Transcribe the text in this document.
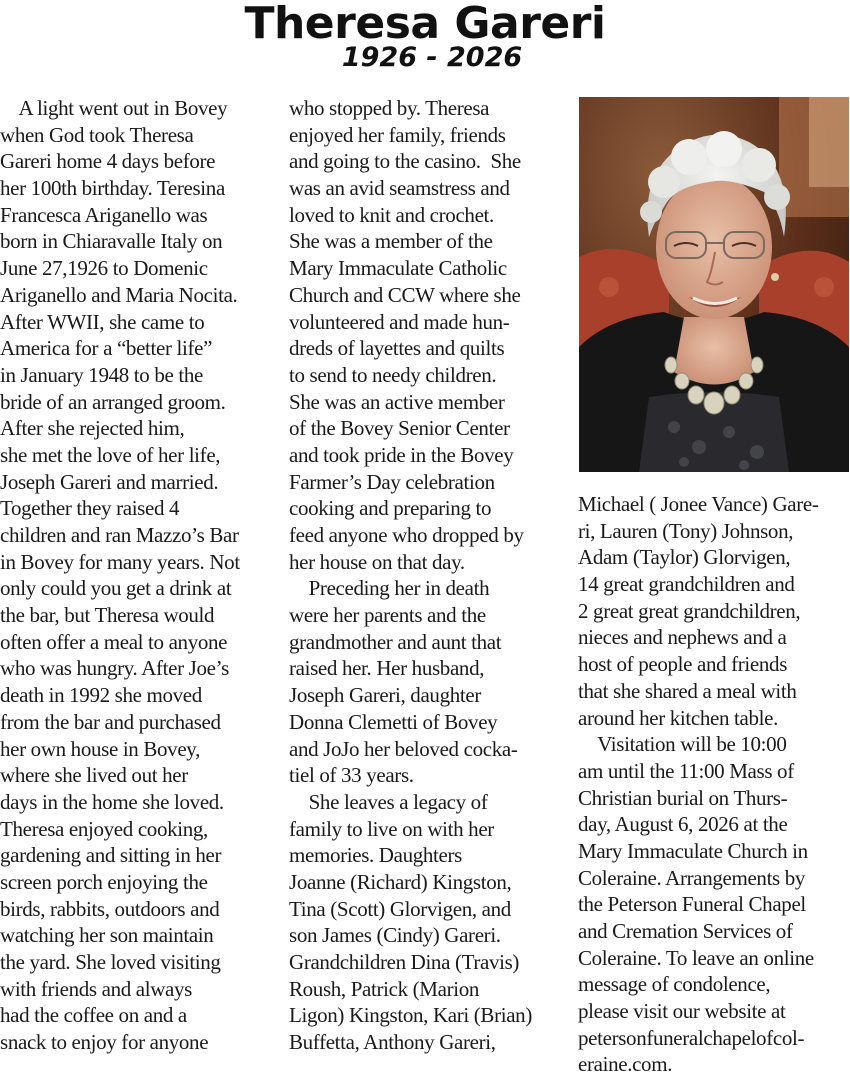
Theresa Gareri
1926 - 2026
A light went out in Bovey
when God took Theresa
Gareri home 4 days before
her 100th birthday. Teresina
Francesca Ariganello was
born in Chiaravalle Italy on
June 27,1926 to Domenic
Ariganello and Maria Nocita.
After WWII, she came to
America for a “better life”
in January 1948 to be the
bride of an arranged groom.
After she rejected him,
she met the love of her life,
Joseph Gareri and married.
Together they raised 4
children and ran Mazzo’s Bar
in Bovey for many years. Not
only could you get a drink at
the bar, but Theresa would
often offer a meal to anyone
who was hungry. After Joe’s
death in 1992 she moved
from the bar and purchased
her own house in Bovey,
where she lived out her
days in the home she loved.
Theresa enjoyed cooking,
gardening and sitting in her
screen porch enjoying the
birds, rabbits, outdoors and
watching her son maintain
the yard. She loved visiting
with friends and always
had the coffee on and a
snack to enjoy for anyone
who stopped by. Theresa
enjoyed her family, friends
and going to the casino.  She
was an avid seamstress and
loved to knit and crochet.
She was a member of the
Mary Immaculate Catholic
Church and CCW where she
volunteered and made hun-
dreds of layettes and quilts
to send to needy children.
She was an active member
of the Bovey Senior Center
and took pride in the Bovey
Farmer’s Day celebration
cooking and preparing to
feed anyone who dropped by
her house on that day.
Preceding her in death
were her parents and the
grandmother and aunt that
raised her. Her husband,
Joseph Gareri, daughter
Donna Clemetti of Bovey
and JoJo her beloved cocka-
tiel of 33 years.
She leaves a legacy of
family to live on with her
memories. Daughters
Joanne (Richard) Kingston,
Tina (Scott) Glorvigen, and
son James (Cindy) Gareri.
Grandchildren Dina (Travis)
Roush, Patrick (Marion
Ligon) Kingston, Kari (Brian)
Buffetta, Anthony Gareri,
Michael ( Jonee Vance) Gare-
ri, Lauren (Tony) Johnson,
Adam (Taylor) Glorvigen,
14 great grandchildren and
2 great great grandchildren,
nieces and nephews and a
host of people and friends
that she shared a meal with
around her kitchen table.
Visitation will be 10:00
am until the 11:00 Mass of
Christian burial on Thurs-
day, August 6, 2026 at the
Mary Immaculate Church in
Coleraine. Arrangements by
the Peterson Funeral Chapel
and Cremation Services of
Coleraine. To leave an online
message of condolence,
please visit our website at
petersonfuneralchapelofcol-
eraine.com.
